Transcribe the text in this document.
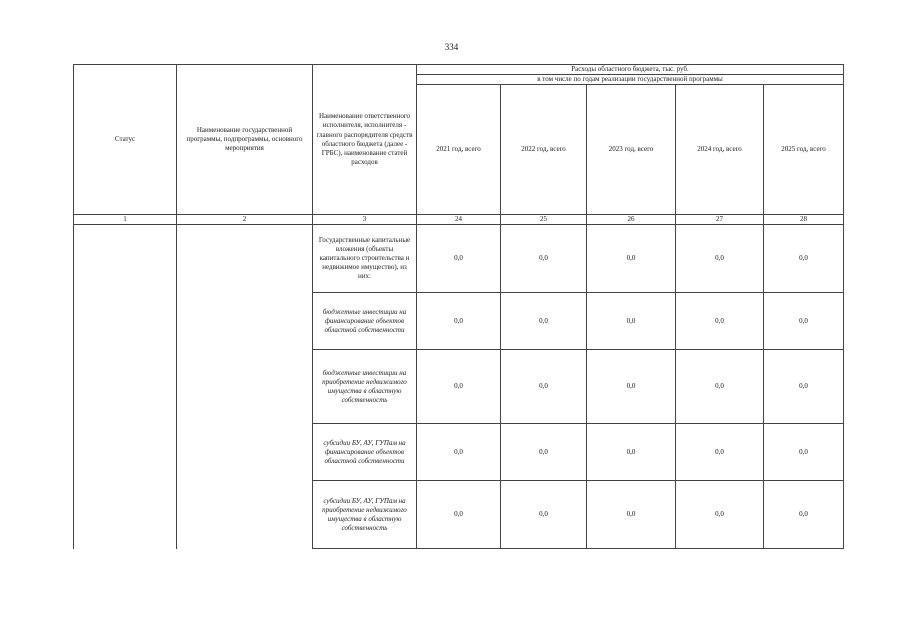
334
Статус	Наименование государственной программы, подпрограммы, основного мероприятия	Наименование ответственного исполнителя, исполнителя - главного распорядителя средств областного бюджета (далее - ГРБС), наименование статей расходов	Расходы областного бюджета, тыс. руб.				
			в том числе по годам реализации государственной программы				
			2021 год, всего	2022 год, всего	2023 год, всего	2024 год, всего	2025 год, всего
1	2	3	24	25	26	27	28
		Государственные капитальные вложения (объекты капитального строительства и недвижимое имущество), из них:	0,0	0,0	0,0	0,0	0,0
		бюджетные инвестиции на финансирование объектов областной собственности	0,0	0,0	0,0	0,0	0,0
		бюджетные инвестиции на приобретение недвижимого имущества в областную собственность	0,0	0,0	0,0	0,0	0,0
		субсидии БУ, АУ, ГУПам на финансирование объектов областной собственности	0,0	0,0	0,0	0,0	0,0
		субсидии БУ, АУ, ГУПам на приобретение недвижимого имущества в областную собственность	0,0	0,0	0,0	0,0	0,0
